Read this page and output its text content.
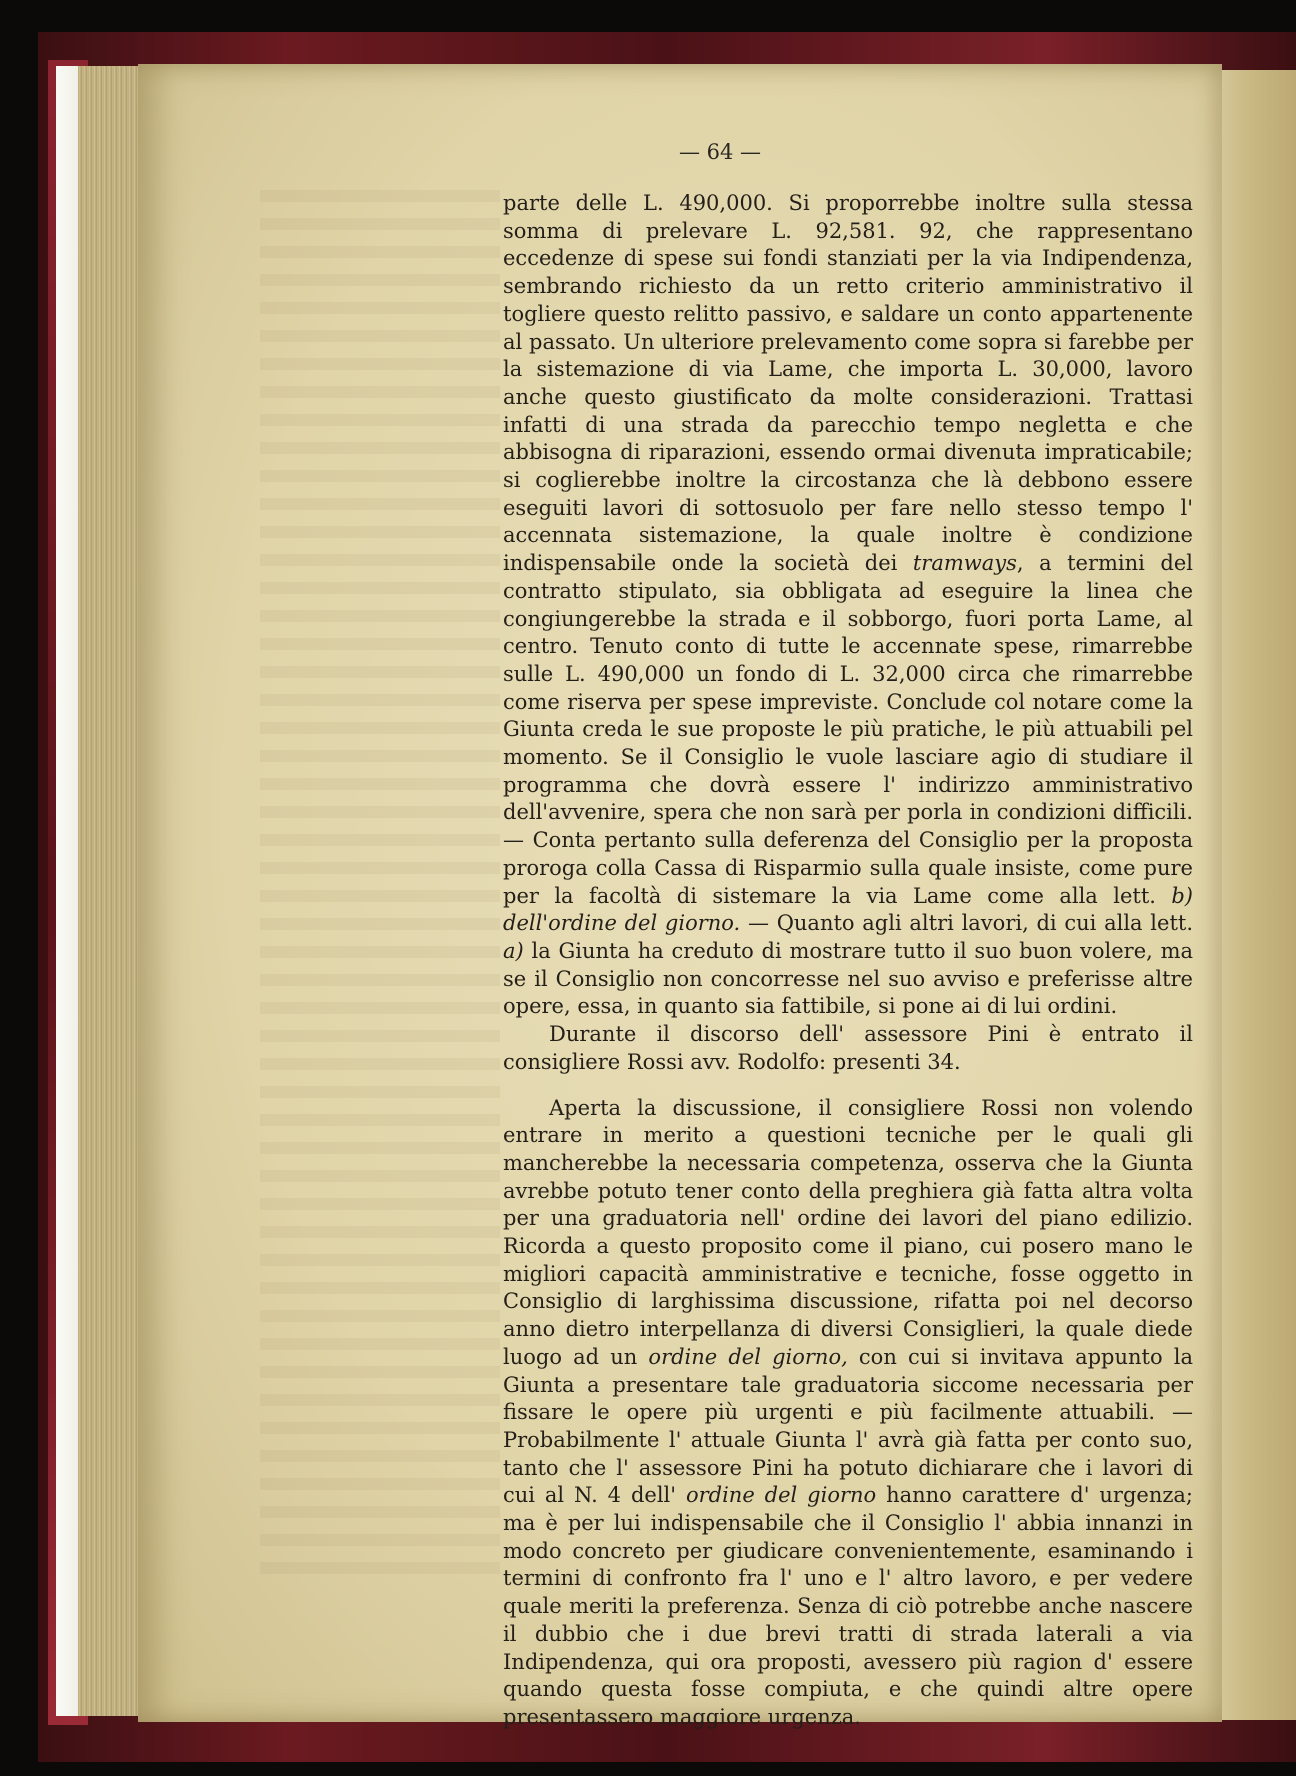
— 64 —

parte delle L. 490,000. Si proporrebbe inoltre sulla stessa somma di prelevare L. 92,581. 92, che rappresentano eccedenze di spese sui fondi stanziati per la via Indipendenza, sembrando richiesto da un retto criterio amministrativo il togliere questo relitto passivo, e saldare un conto appartenente al passato. Un ulteriore prelevamento come sopra si farebbe per la sistemazione di via Lame, che importa L. 30,000, lavoro anche questo giustificato da molte considerazioni. Trattasi infatti di una strada da parecchio tempo negletta e che abbisogna di riparazioni, essendo ormai divenuta impraticabile; si coglierebbe inoltre la circostanza che là debbono essere eseguiti lavori di sottosuolo per fare nello stesso tempo l' accennata sistemazione, la quale inoltre è condizione indispensabile onde la società dei tramways, a termini del contratto stipulato, sia obbligata ad eseguire la linea che congiungerebbe la strada e il sobborgo, fuori porta Lame, al centro. Tenuto conto di tutte le accennate spese, rimarrebbe sulle L. 490,000 un fondo di L. 32,000 circa che rimarrebbe come riserva per spese impreviste. Conclude col notare come la Giunta creda le sue proposte le più pratiche, le più attuabili pel momento. Se il Consiglio le vuole lasciare agio di studiare il programma che dovrà essere l' indirizzo amministrativo dell'avvenire, spera che non sarà per porla in condizioni difficili. — Conta pertanto sulla deferenza del Consiglio per la proposta proroga colla Cassa di Risparmio sulla quale insiste, come pure per la facoltà di sistemare la via Lame come alla lett. b) dell'ordine del giorno. — Quanto agli altri lavori, di cui alla lett. a) la Giunta ha creduto di mostrare tutto il suo buon volere, ma se il Consiglio non concorresse nel suo avviso e preferisse altre opere, essa, in quanto sia fattibile, si pone ai di lui ordini.

Durante il discorso dell' assessore Pini è entrato il consigliere Rossi avv. Rodolfo: presenti 34.

Aperta la discussione, il consigliere Rossi non volendo entrare in merito a questioni tecniche per le quali gli mancherebbe la necessaria competenza, osserva che la Giunta avrebbe potuto tener conto della preghiera già fatta altra volta per una graduatoria nell' ordine dei lavori del piano edilizio. Ricorda a questo proposito come il piano, cui posero mano le migliori capacità amministrative e tecniche, fosse oggetto in Consiglio di larghissima discussione, rifatta poi nel decorso anno dietro interpellanza di diversi Consiglieri, la quale diede luogo ad un ordine del giorno, con cui si invitava appunto la Giunta a presentare tale graduatoria siccome necessaria per fissare le opere più urgenti e più facilmente attuabili. — Probabilmente l' attuale Giunta l' avrà già fatta per conto suo, tanto che l' assessore Pini ha potuto dichiarare che i lavori di cui al N. 4 dell' ordine del giorno hanno carattere d' urgenza; ma è per lui indispensabile che il Consiglio l' abbia innanzi in modo concreto per giudicare convenientemente, esaminando i termini di confronto fra l' uno e l' altro lavoro, e per vedere quale meriti la preferenza. Senza di ciò potrebbe anche nascere il dubbio che i due brevi tratti di strada laterali a via Indipendenza, qui ora proposti, avessero più ragion d' essere quando questa fosse compiuta, e che quindi altre opere presentassero maggiore urgenza.
